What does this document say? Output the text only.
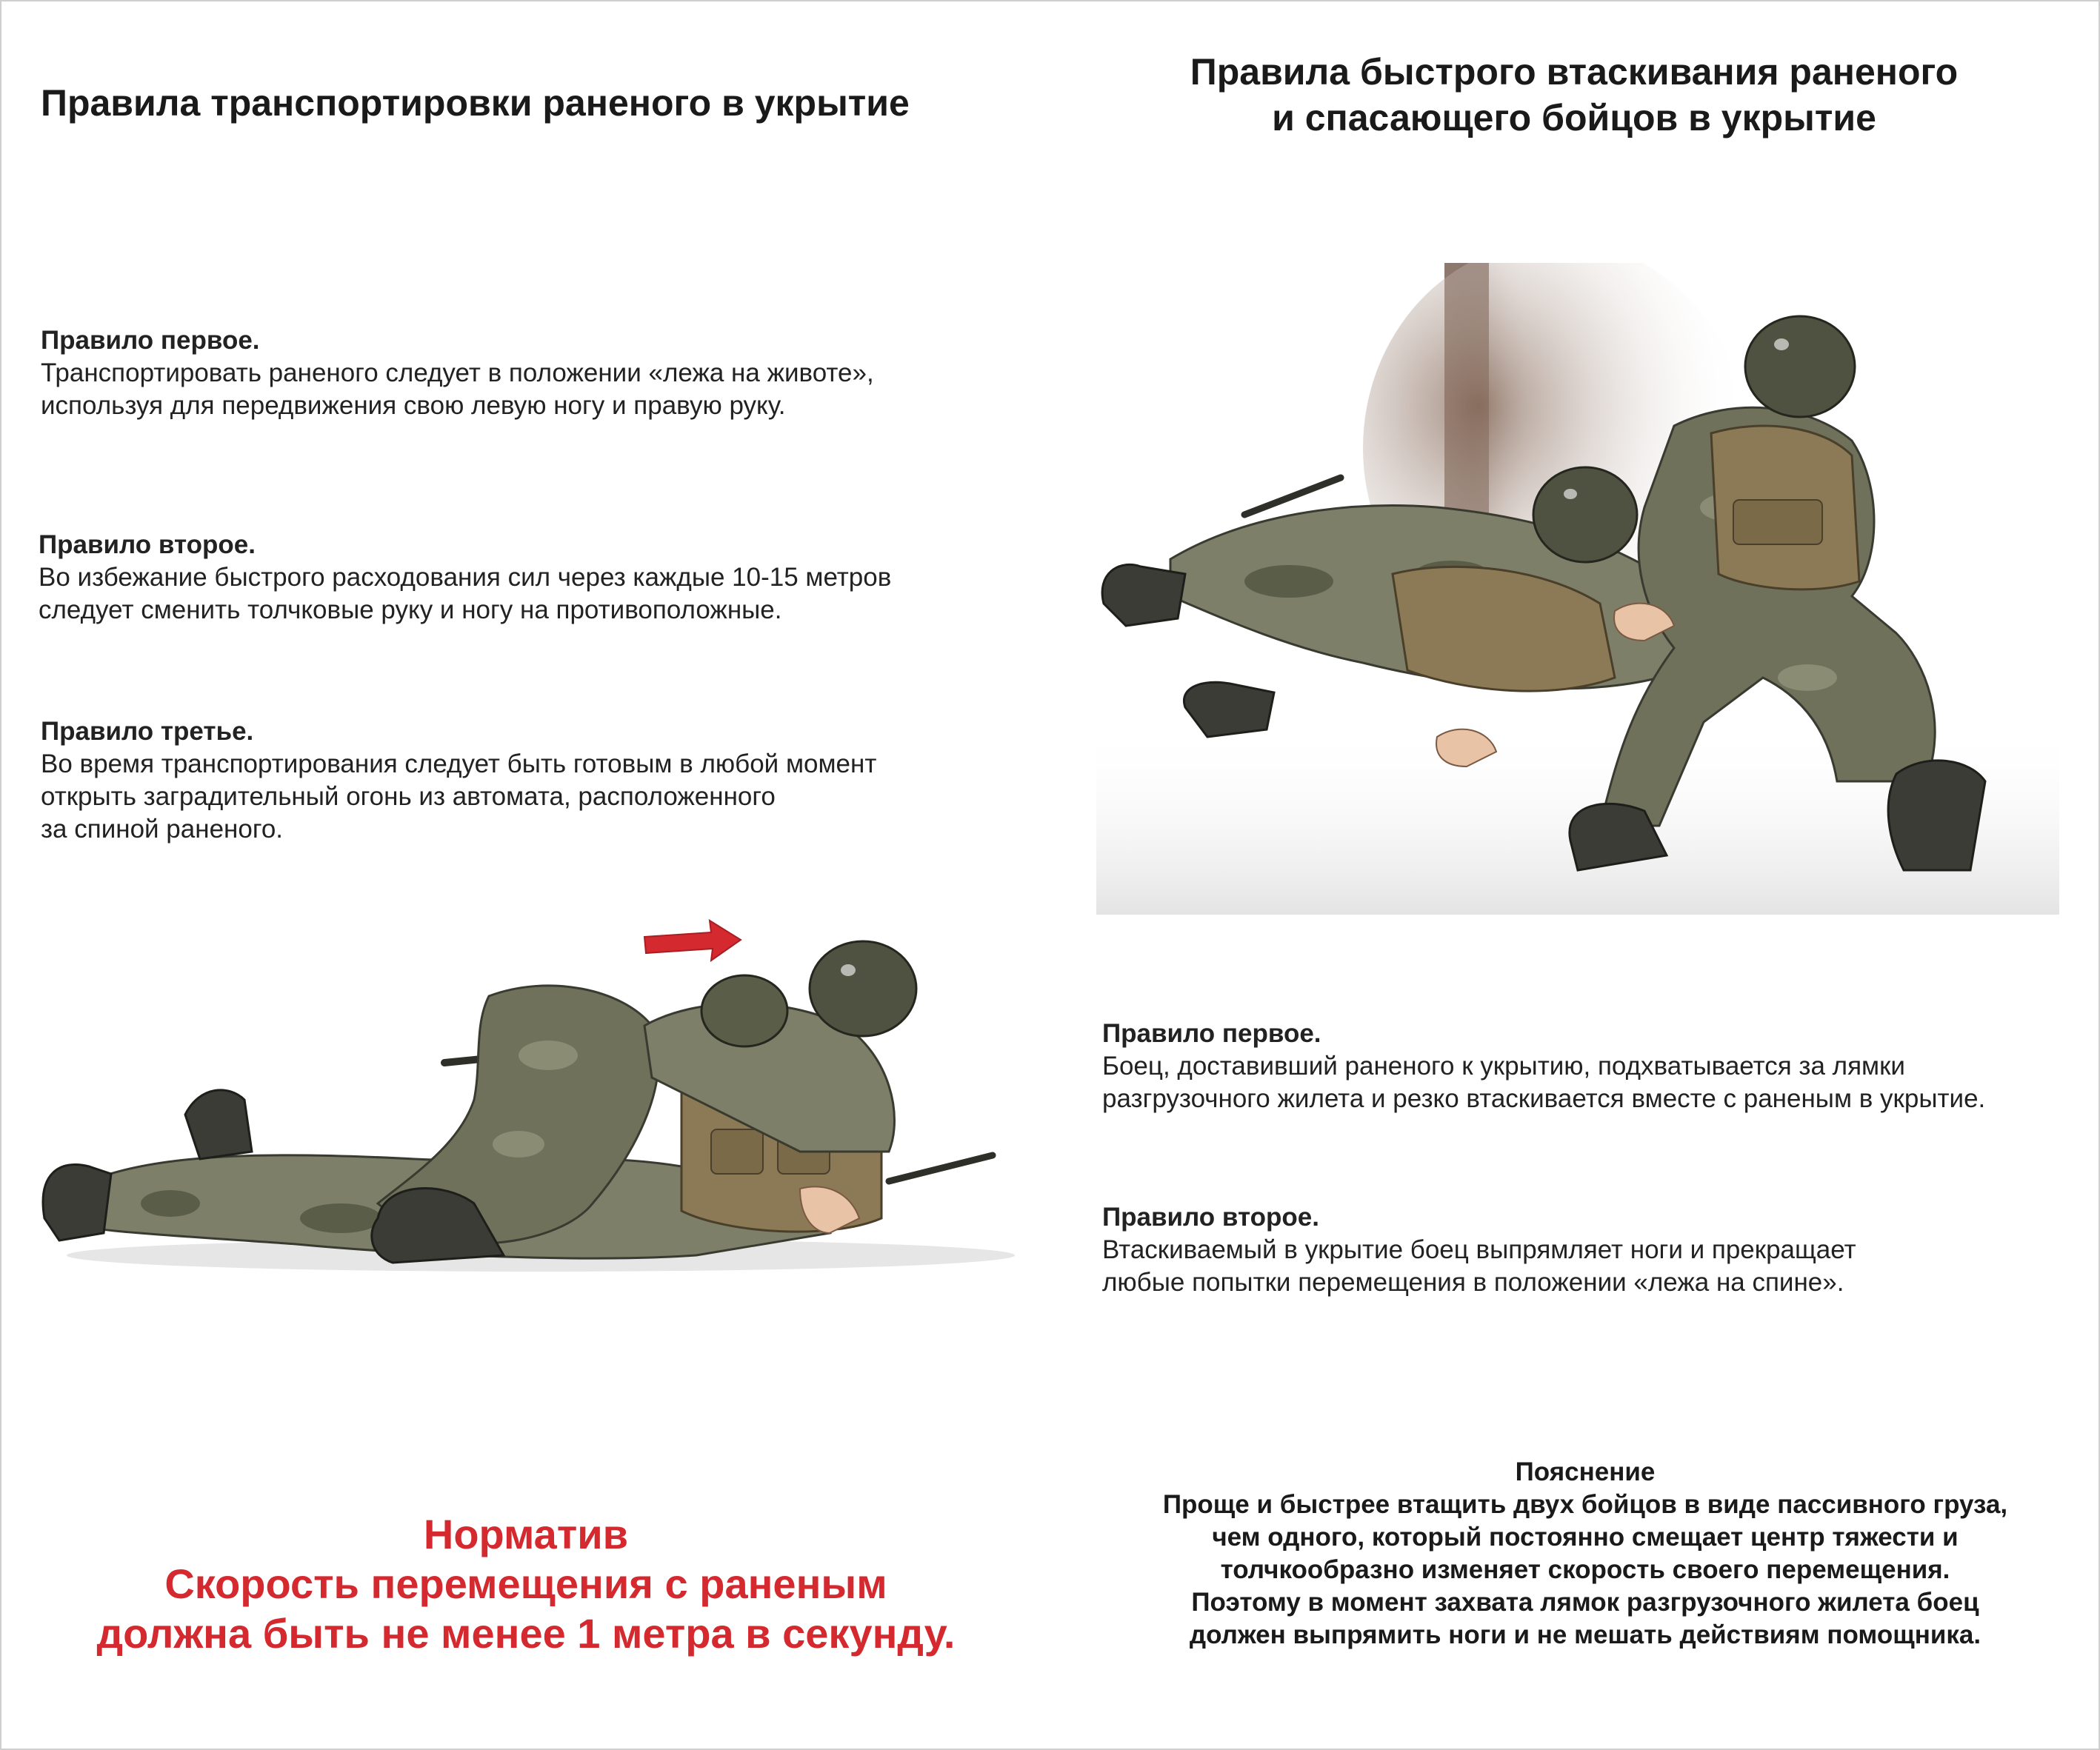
Правила транспортировки раненого в укрытие
Правило первое.
Транспортировать раненого следует в положении «лежа на животе»,
используя для передвижения свою левую ногу и правую руку.
Правило второе.
Во избежание быстрого расходования сил через каждые 10-15 метров
следует сменить толчковые руку и ногу на противоположные.
Правило третье.
Во время транспортирования следует быть готовым в любой момент
открыть заградительный огонь из автомата, расположенного
за спиной раненого.
Норматив
Скорость перемещения с раненым
должна быть не менее 1 метра в секунду.
Правила быстрого втаскивания раненого
и спасающего бойцов в укрытие
Правило первое.
Боец, доставивший раненого к укрытию, подхватывается за лямки
разгрузочного жилета и резко втаскивается вместе с раненым в укрытие.
Правило второе.
Втаскиваемый в укрытие боец выпрямляет ноги и прекращает
любые попытки перемещения в положении «лежа на спине».
Пояснение
Проще и быстрее втащить двух бойцов в виде пассивного груза,
чем одного, который постоянно смещает центр тяжести и
толчкообразно изменяет скорость своего перемещения.
Поэтому в момент захвата лямок разгрузочного жилета боец
должен выпрямить ноги и не мешать действиям помощника.
